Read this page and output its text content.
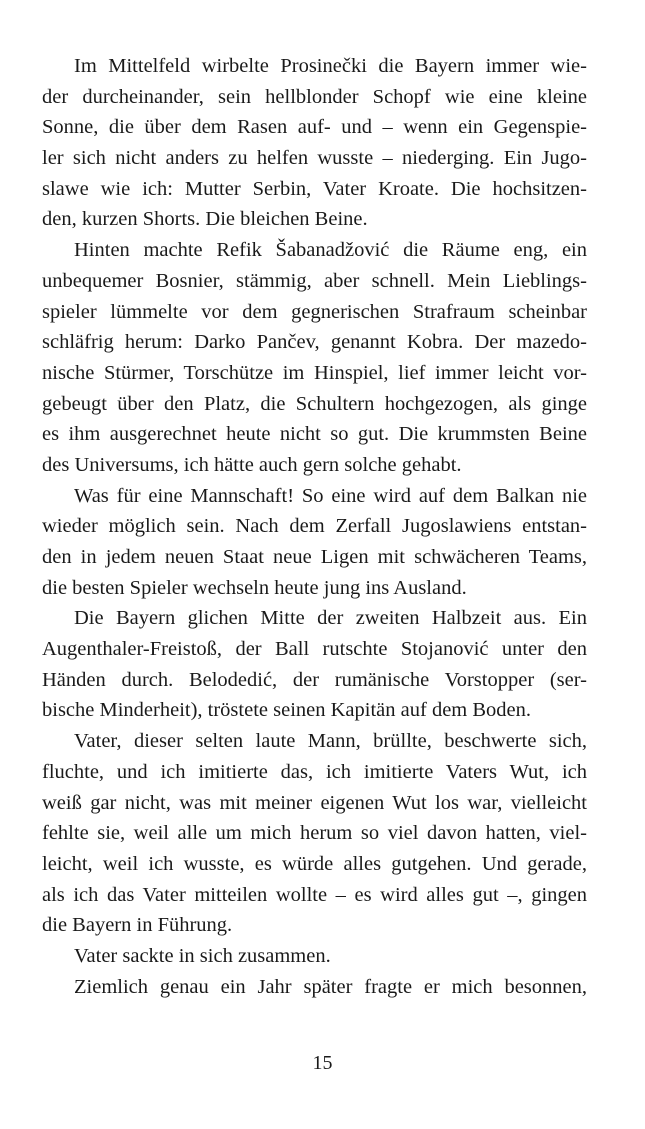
Im Mittelfeld wirbelte Prosinečki die Bayern immer wie-
der durcheinander, sein hellblonder Schopf wie eine kleine
Sonne, die über dem Rasen auf- und – wenn ein Gegenspie-
ler sich nicht anders zu helfen wusste – niederging. Ein Jugo-
slawe wie ich: Mutter Serbin, Vater Kroate. Die hochsitzen-
den, kurzen Shorts. Die bleichen Beine.
Hinten machte Refik Šabanadžović die Räume eng, ein
unbequemer Bosnier, stämmig, aber schnell. Mein Lieblings-
spieler lümmelte vor dem gegnerischen Strafraum scheinbar
schläfrig herum: Darko Pančev, genannt Kobra. Der mazedo-
nische Stürmer, Torschütze im Hinspiel, lief immer leicht vor-
gebeugt über den Platz, die Schultern hochgezogen, als ginge
es ihm ausgerechnet heute nicht so gut. Die krummsten Beine
des Universums, ich hätte auch gern solche gehabt.
Was für eine Mannschaft! So eine wird auf dem Balkan nie
wieder möglich sein. Nach dem Zerfall Jugoslawiens entstan-
den in jedem neuen Staat neue Ligen mit schwächeren Teams,
die besten Spieler wechseln heute jung ins Ausland.
Die Bayern glichen Mitte der zweiten Halbzeit aus. Ein
Augenthaler-Freistoß, der Ball rutschte Stojanović unter den
Händen durch. Belodedić, der rumänische Vorstopper (ser-
bische Minderheit), tröstete seinen Kapitän auf dem Boden.
Vater, dieser selten laute Mann, brüllte, beschwerte sich,
fluchte, und ich imitierte das, ich imitierte Vaters Wut, ich
weiß gar nicht, was mit meiner eigenen Wut los war, vielleicht
fehlte sie, weil alle um mich herum so viel davon hatten, viel-
leicht, weil ich wusste, es würde alles gutgehen. Und gerade,
als ich das Vater mitteilen wollte – es wird alles gut –, gingen
die Bayern in Führung.
Vater sackte in sich zusammen.
Ziemlich genau ein Jahr später fragte er mich besonnen,
15
